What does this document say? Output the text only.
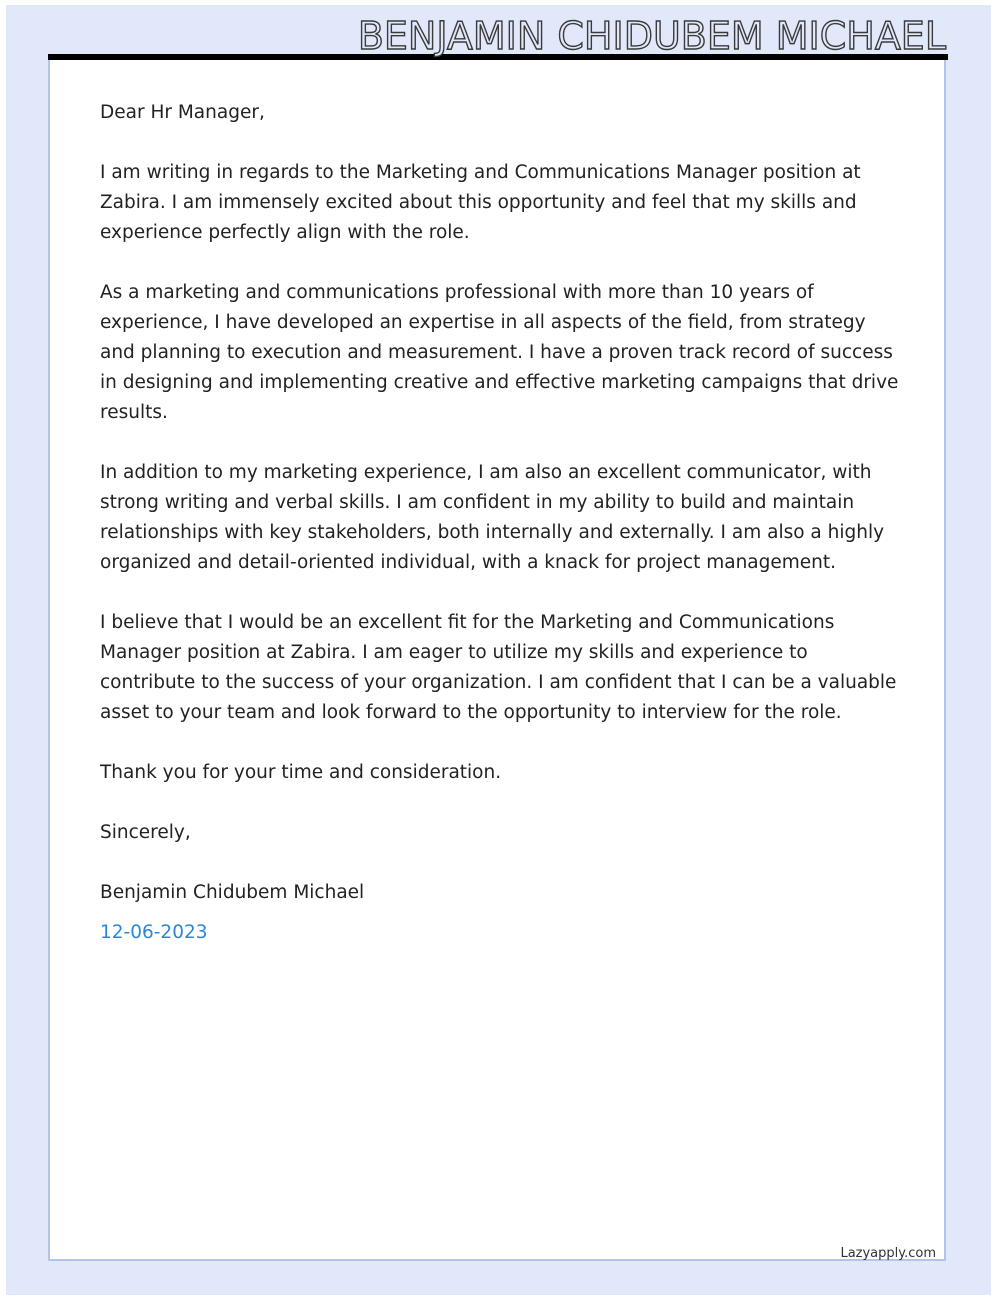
BENJAMIN CHIDUBEM MICHAEL

Dear Hr Manager,

I am writing in regards to the Marketing and Communications Manager position at Zabira. I am immensely excited about this opportunity and feel that my skills and experience perfectly align with the role.

As a marketing and communications professional with more than 10 years of experience, I have developed an expertise in all aspects of the field, from strategy and planning to execution and measurement. I have a proven track record of success in designing and implementing creative and effective marketing campaigns that drive results.

In addition to my marketing experience, I am also an excellent communicator, with strong writing and verbal skills. I am confident in my ability to build and maintain relationships with key stakeholders, both internally and externally. I am also a highly organized and detail-oriented individual, with a knack for project management.

I believe that I would be an excellent fit for the Marketing and Communications Manager position at Zabira. I am eager to utilize my skills and experience to contribute to the success of your organization. I am confident that I can be a valuable asset to your team and look forward to the opportunity to interview for the role.

Thank you for your time and consideration.

Sincerely,

Benjamin Chidubem Michael

12-06-2023

Lazyapply.com
